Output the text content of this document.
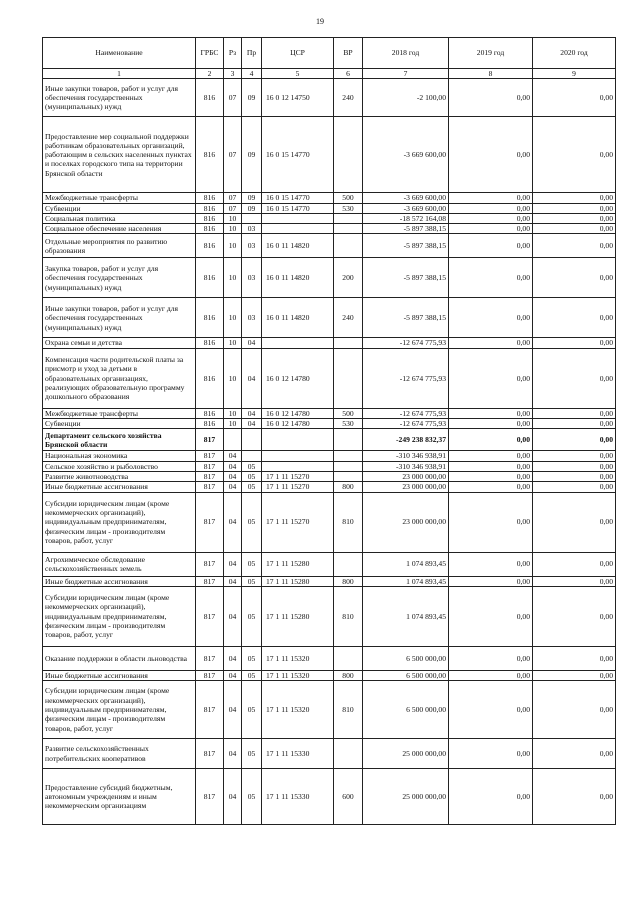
19
Наименование	ГРБС	Рз	Пр	ЦСР	ВР	2018 год	2019 год	2020 год
1	2	3	4	5	6	7	8	9
Иные закупки товаров, работ и услуг для обеспечения государственных (муниципальных) нужд	816	07	09	16 0 12 14750	240	-2 100,00	0,00	0,00
Предоставление мер социальной поддержки работникам образовательных организаций, работающим в сельских населенных пунктах и поселках городского типа на территории Брянской области	816	07	09	16 0 15 14770		-3 669 600,00	0,00	0,00
Межбюджетные трансферты	816	07	09	16 0 15 14770	500	-3 669 600,00	0,00	0,00
Субвенции	816	07	09	16 0 15 14770	530	-3 669 600,00	0,00	0,00
Социальная политика	816	10				-18 572 164,08	0,00	0,00
Социальное обеспечение населения	816	10	03			-5 897 388,15	0,00	0,00
Отдельные мероприятия по развитию образования	816	10	03	16 0 11 14820		-5 897 388,15	0,00	0,00
Закупка товаров, работ и услуг для обеспечения государственных (муниципальных) нужд	816	10	03	16 0 11 14820	200	-5 897 388,15	0,00	0,00
Иные закупки товаров, работ и услуг для обеспечения государственных (муниципальных) нужд	816	10	03	16 0 11 14820	240	-5 897 388,15	0,00	0,00
Охрана семьи и детства	816	10	04			-12 674 775,93	0,00	0,00
Компенсация части родительской платы за присмотр и уход за детьми в образовательных организациях, реализующих образовательную программу дошкольного образования	816	10	04	16 0 12 14780		-12 674 775,93	0,00	0,00
Межбюджетные трансферты	816	10	04	16 0 12 14780	500	-12 674 775,93	0,00	0,00
Субвенции	816	10	04	16 0 12 14780	530	-12 674 775,93	0,00	0,00
Департамент сельского хозяйства Брянской области	817					-249 238 832,37	0,00	0,00
Национальная экономика	817	04				-310 346 938,91	0,00	0,00
Сельское хозяйство и рыболовство	817	04	05			-310 346 938,91	0,00	0,00
Развитие животноводства	817	04	05	17 1 11 15270		23 000 000,00	0,00	0,00
Иные бюджетные ассигнования	817	04	05	17 1 11 15270	800	23 000 000,00	0,00	0,00
Субсидии юридическим лицам (кроме некоммерческих организаций), индивидуальным предпринимателям, физическим лицам - производителям товаров, работ, услуг	817	04	05	17 1 11 15270	810	23 000 000,00	0,00	0,00
Агрохимическое обследование сельскохозяйственных земель	817	04	05	17 1 11 15280		1 074 893,45	0,00	0,00
Иные бюджетные ассигнования	817	04	05	17 1 11 15280	800	1 074 893,45	0,00	0,00
Субсидии юридическим лицам (кроме некоммерческих организаций), индивидуальным предпринимателям, физическим лицам - производителям товаров, работ, услуг	817	04	05	17 1 11 15280	810	1 074 893,45	0,00	0,00
Оказание поддержки в области льноводства	817	04	05	17 1 11 15320		6 500 000,00	0,00	0,00
Иные бюджетные ассигнования	817	04	05	17 1 11 15320	800	6 500 000,00	0,00	0,00
Субсидии юридическим лицам (кроме некоммерческих организаций), индивидуальным предпринимателям, физическим лицам - производителям товаров, работ, услуг	817	04	05	17 1 11 15320	810	6 500 000,00	0,00	0,00
Развитие сельскохозяйственных потребительских кооперативов	817	04	05	17 1 11 15330		25 000 000,00	0,00	0,00
Предоставление субсидий бюджетным, автономным учреждениям и иным некоммерческим организациям	817	04	05	17 1 11 15330	600	25 000 000,00	0,00	0,00
